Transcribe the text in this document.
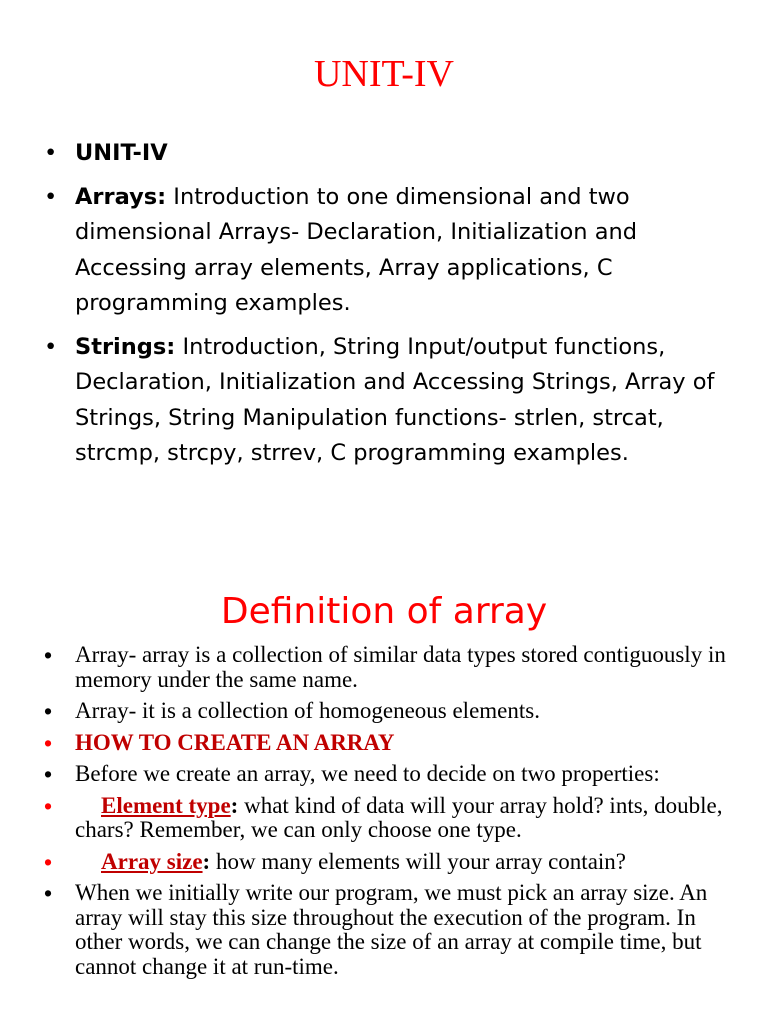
UNIT-IV
• UNIT-IV
• Arrays: Introduction to one dimensional and two dimensional Arrays- Declaration, Initialization and Accessing array elements, Array applications, C programming examples.
• Strings: Introduction, String Input/output functions, Declaration, Initialization and Accessing Strings, Array of Strings, String Manipulation functions- strlen, strcat, strcmp, strcpy, strrev, C programming examples.
Definition of array
• Array- array is a collection of similar data types stored contiguously in memory under the same name.
• Array- it is a collection of homogeneous elements.
• HOW TO CREATE AN ARRAY
• Before we create an array, we need to decide on two properties:
• Element type: what kind of data will your array hold? ints, double, chars? Remember, we can only choose one type.
• Array size: how many elements will your array contain?
• When we initially write our program, we must pick an array size. An array will stay this size throughout the execution of the program. In other words, we can change the size of an array at compile time, but cannot change it at run-time.
